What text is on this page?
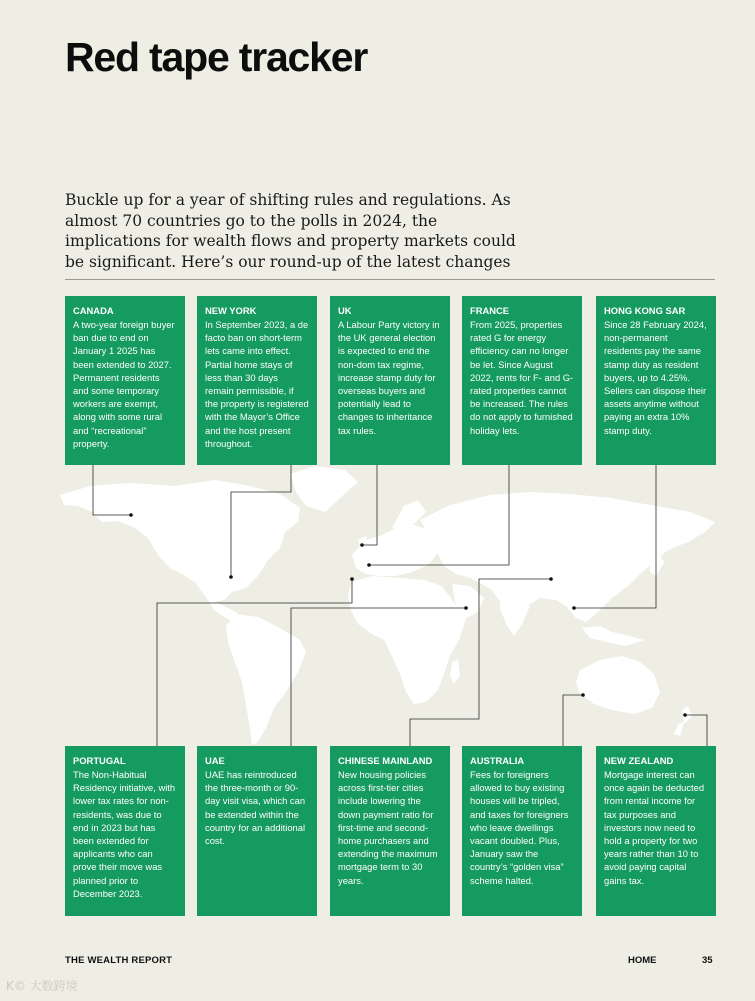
Red tape tracker

Buckle up for a year of shifting rules and regulations. As almost 70 countries go to the polls in 2024, the implications for wealth flows and property markets could be significant. Here’s our round-up of the latest changes

CANADA

A two-year foreign buyer ban due to end on January 1 2025 has been extended to 2027. Permanent residents and some temporary workers are exempt, along with some rural and “recreational” property.

NEW YORK

In September 2023, a de facto ban on short-term lets came into effect. Partial home stays of less than 30 days remain permissible, if the property is registered with the Mayor’s Office and the host present throughout.

UK

A Labour Party victory in the UK general election is expected to end the non-dom tax regime, increase stamp duty for overseas buyers and potentially lead to changes to inheritance tax rules.

FRANCE

From 2025, properties rated G for energy efficiency can no longer be let. Since August 2022, rents for F- and G-rated properties cannot be increased. The rules do not apply to furnished holiday lets.

HONG KONG SAR

Since 28 February 2024, non-permanent residents pay the same stamp duty as resident buyers, up to 4.25%. Sellers can dispose their assets anytime without paying an extra 10% stamp duty.

PORTUGAL

The Non-Habitual Residency initiative, with lower tax rates for non-residents, was due to end in 2023 but has been extended for applicants who can prove their move was planned prior to December 2023.

UAE

UAE has reintroduced the three-month or 90-day visit visa, which can be extended within the country for an additional cost.

CHINESE MAINLAND

New housing policies across first-tier cities include lowering the down payment ratio for first-time and second-home purchasers and extending the maximum mortgage term to 30 years.

AUSTRALIA

Fees for foreigners allowed to buy existing houses will be tripled, and taxes for foreigners who leave dwellings vacant doubled. Plus, January saw the country’s “golden visa” scheme halted.

NEW ZEALAND

Mortgage interest can once again be deducted from rental income for tax purposes and investors now need to hold a property for two years rather than 10 to avoid paying capital gains tax.

THE WEALTH REPORT	HOME	35
K© 大数跨境
